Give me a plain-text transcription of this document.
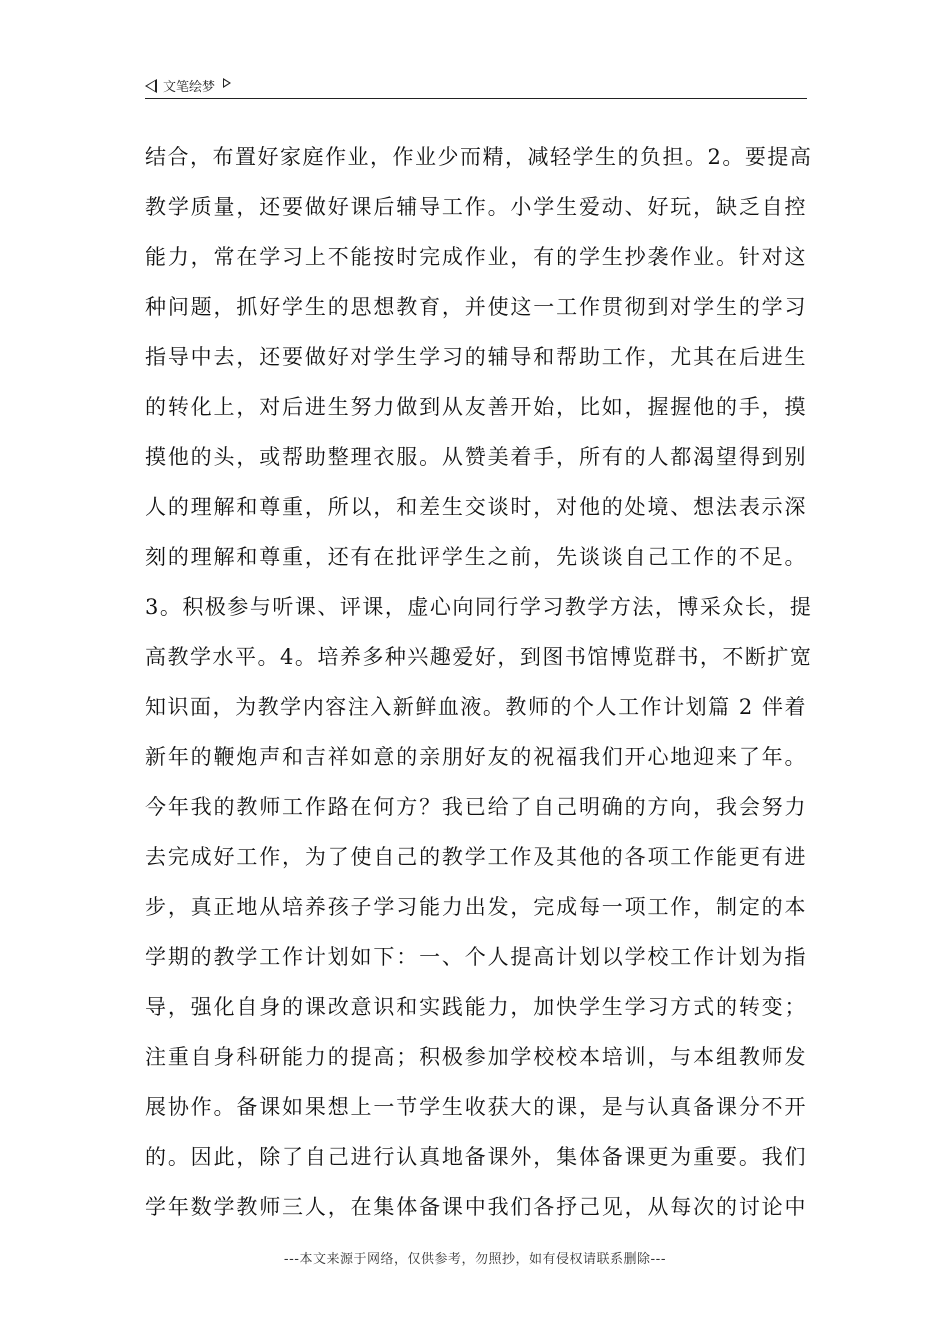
文笔绘梦
结合，布置好家庭作业，作业少而精，减轻学生的负担。2。要提高
教学质量，还要做好课后辅导工作。小学生爱动、好玩，缺乏自控
能力，常在学习上不能按时完成作业，有的学生抄袭作业。针对这
种问题，抓好学生的思想教育，并使这一工作贯彻到对学生的学习
指导中去，还要做好对学生学习的辅导和帮助工作，尤其在后进生
的转化上，对后进生努力做到从友善开始，比如，握握他的手，摸
摸他的头，或帮助整理衣服。从赞美着手，所有的人都渴望得到别
人的理解和尊重，所以，和差生交谈时，对他的处境、想法表示深
刻的理解和尊重，还有在批评学生之前，先谈谈自己工作的不足。
3。积极参与听课、评课，虚心向同行学习教学方法，博采众长，提
高教学水平。4。培养多种兴趣爱好，到图书馆博览群书，不断扩宽
知识面，为教学内容注入新鲜血液。教师的个人工作计划篇 2 伴着
新年的鞭炮声和吉祥如意的亲朋好友的祝福我们开心地迎来了年。
今年我的教师工作路在何方？我已给了自己明确的方向，我会努力
去完成好工作，为了使自己的教学工作及其他的各项工作能更有进
步，真正地从培养孩子学习能力出发，完成每一项工作，制定的本
学期的教学工作计划如下：一、个人提高计划以学校工作计划为指
导，强化自身的课改意识和实践能力，加快学生学习方式的转变；
注重自身科研能力的提高；积极参加学校校本培训，与本组教师发
展协作。备课如果想上一节学生收获大的课，是与认真备课分不开
的。因此，除了自己进行认真地备课外，集体备课更为重要。我们
学年数学教师三人，在集体备课中我们各抒己见，从每次的讨论中
---本文来源于网络，仅供参考，勿照抄，如有侵权请联系删除---
